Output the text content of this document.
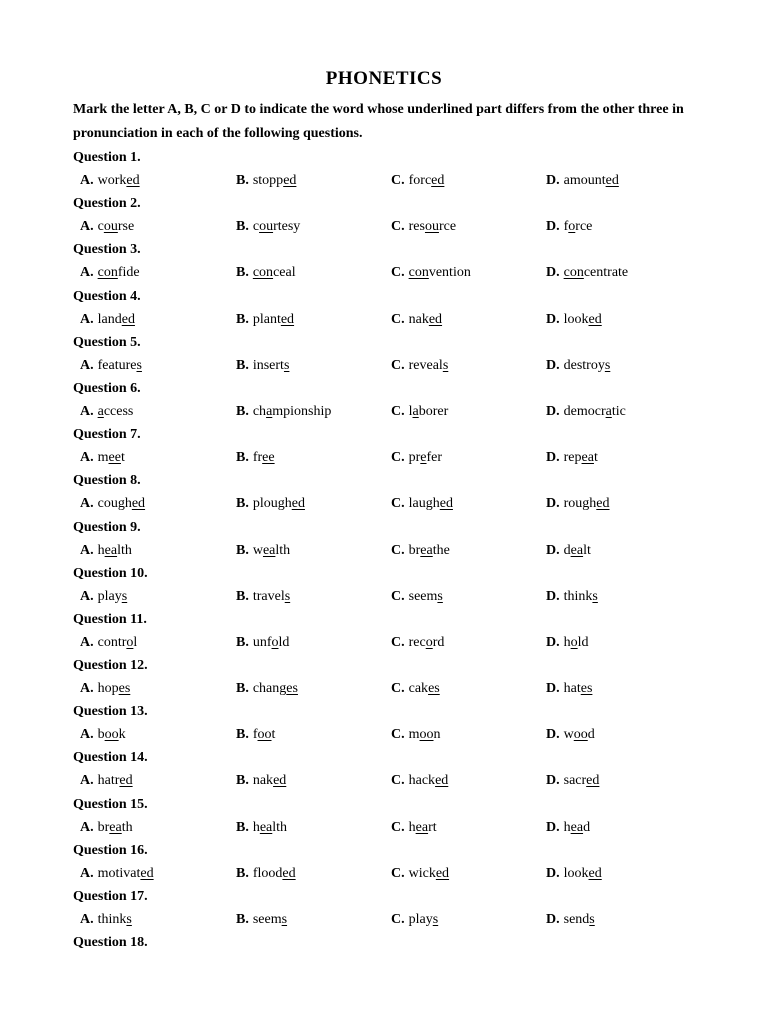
PHONETICS
Mark the letter A, B, C or D to indicate the word whose underlined part differs from the other three in pronunciation in each of the following questions.
Question 1.
A. worked	B. stopped	C. forced	D. amounted
Question 2.
A. course	B. courtesy	C. resource	D. force
Question 3.
A. confide	B. conceal	C. convention	D. concentrate
Question 4.
A. landed	B. planted	C. naked	D. looked
Question 5.
A. features	B. inserts	C. reveals	D. destroys
Question 6.
A. access	B. championship	C. laborer	D. democratic
Question 7.
A. meet	B. free	C. prefer	D. repeat
Question 8.
A. coughed	B. ploughed	C. laughed	D. roughed
Question 9.
A. health	B. wealth	C. breathe	D. dealt
Question 10.
A. plays	B. travels	C. seems	D. thinks
Question 11.
A. control	B. unfold	C. record	D. hold
Question 12.
A. hopes	B. changes	C. cakes	D. hates
Question 13.
A. book	B. foot	C. moon	D. wood
Question 14.
A. hatred	B. naked	C. hacked	D. sacred
Question 15.
A. breath	B. health	C. heart	D. head
Question 16.
A. motivated	B. flooded	C. wicked	D. looked
Question 17.
A. thinks	B. seems	C. plays	D. sends
Question 18.
